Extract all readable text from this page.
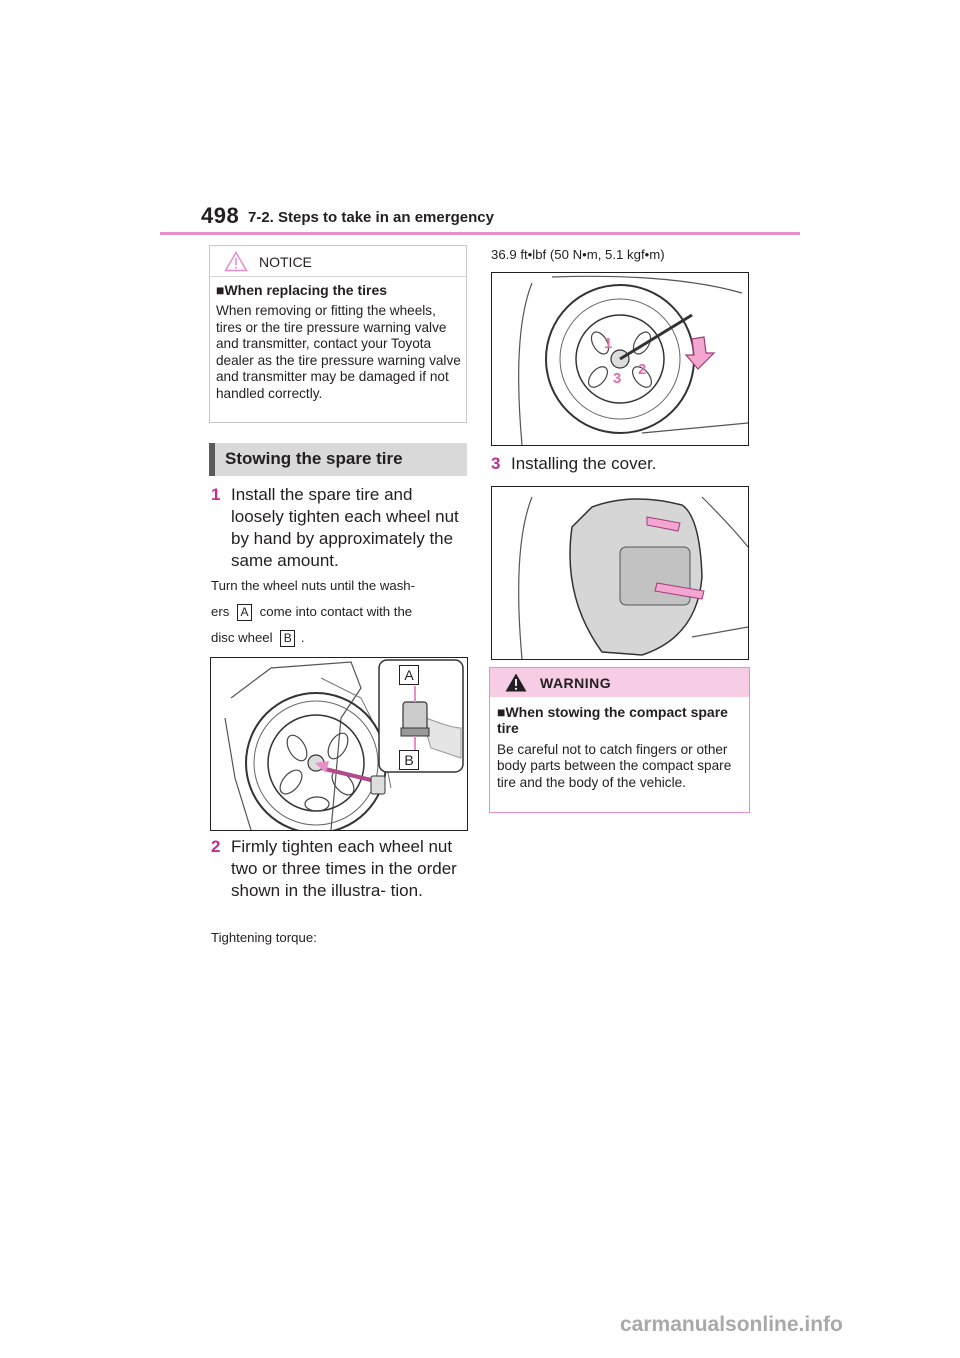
498 7-2. Steps to take in an emergency
NOTICE
■When replacing the tires
When removing or fitting the wheels, tires or the tire pressure warning valve and transmitter, contact your Toyota dealer as the tire pressure warning valve and transmitter may be damaged if not handled correctly.
Stowing the spare tire
1 Install the spare tire and loosely tighten each wheel nut by hand by approximately the same amount.
Turn the wheel nuts until the wash-
ers A come into contact with the
disc wheel B .
A
B
2 Firmly tighten each wheel nut two or three times in the order shown in the illustra- tion.
Tightening torque:
36.9 ft•lbf (50 N•m, 5.1 kgf•m)
1
2
3
3 Installing the cover.
WARNING
■When stowing the compact spare tire
Be careful not to catch fingers or other body parts between the compact spare tire and the body of the vehicle.
carmanualsonline.info
